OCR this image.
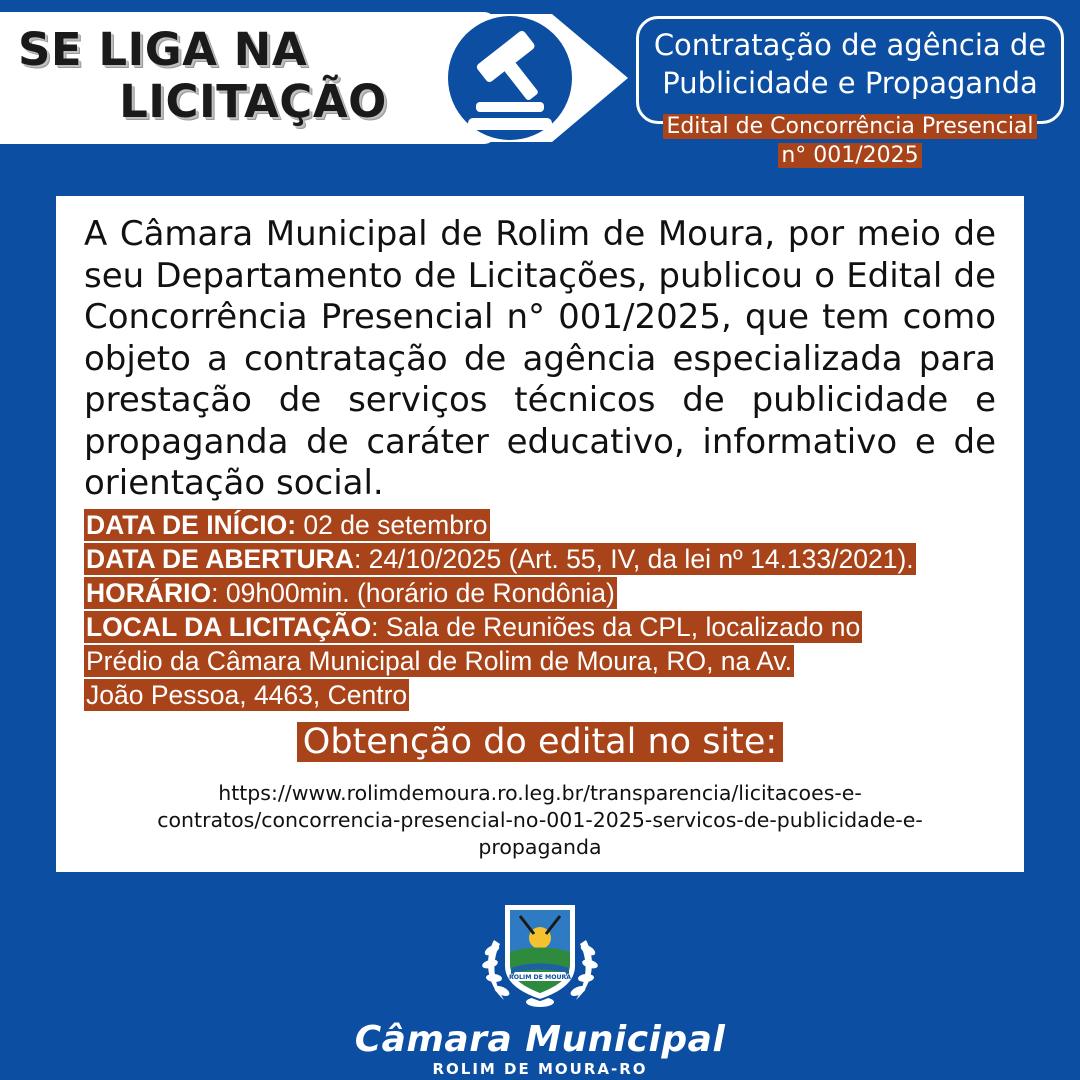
SE LIGA NA
LICITAÇÃO
Contratação de agência de
Publicidade e Propaganda
Edital de Concorrência Presencial
n° 001/2025

A Câmara Municipal de Rolim de Moura, por meio de seu Departamento de Licitações, publicou o Edital de Concorrência Presencial n° 001/2025, que tem como objeto a contratação de agência especializada para prestação de serviços técnicos de publicidade e propaganda de caráter educativo, informativo e de orientação social.

DATA DE INÍCIO: 02 de setembro
DATA DE ABERTURA: 24/10/2025 (Art. 55, IV, da lei nº 14.133/2021).
HORÁRIO: 09h00min. (horário de Rondônia)
LOCAL DA LICITAÇÃO: Sala de Reuniões da CPL, localizado no
Prédio da Câmara Municipal de Rolim de Moura, RO, na Av.
João Pessoa, 4463, Centro
Obtenção do edital no site:
https://www.rolimdemoura.ro.leg.br/transparencia/licitacoes-e- contratos/concorrencia-presencial-no-001-2025-servicos-de-publicidade-e-propaganda
ROLIM DE MOURA
Câmara Municipal
ROLIM DE MOURA-RO
